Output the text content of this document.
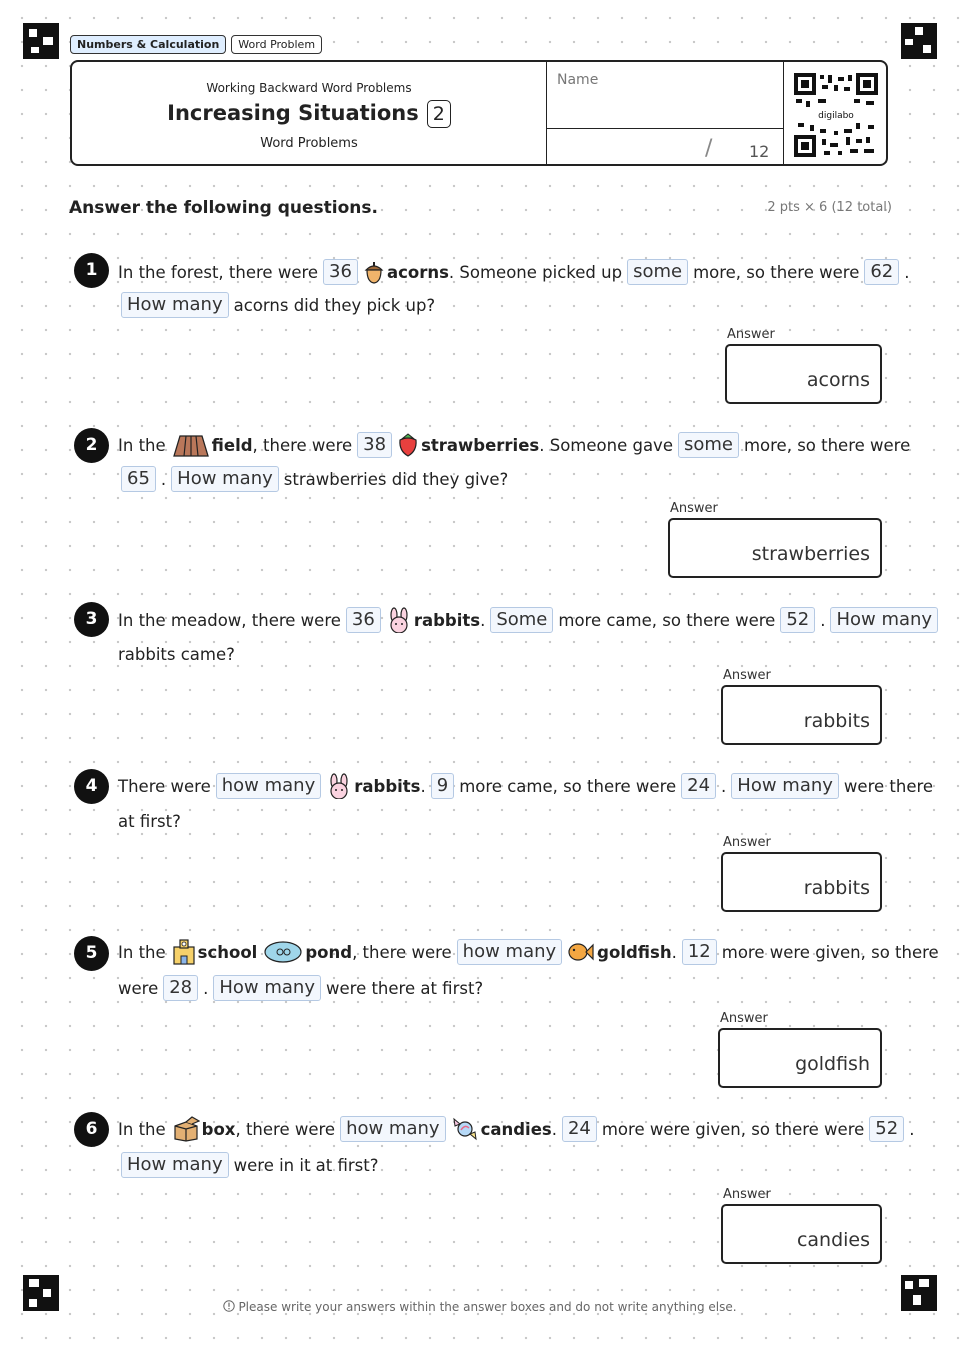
Numbers & Calculation	Word Problem
Working Backward Word Problems
Increasing Situations 2
Word Problems
Name
/ 12
digilabo
Answer the following questions.	2 pts × 6 (12 total)
1	In the forest, there were 36	acorns . Someone picked up some more, so there were 62 .
How many acorns did they pick up?
Answer
acorns
2	In the	field , there were 38	strawberries . Someone gave some more, so there were
65 . How many strawberries did they give?
Answer
strawberries
3	In the meadow, there were 36	rabbits . Some more came, so there were 52 . How many
rabbits came?
Answer
rabbits
4	There were how many	rabbits . 9 more came, so there were 24 . How many were there
at first?
Answer
rabbits
5	In the school	pond , there were how many	goldfish . 12 more were given, so there
were 28 . How many were there at first?
Answer
goldfish
6	In the box , there were how many	candies . 24 more were given, so there were 52 .
How many were in it at first?
Answer
candies
Please write your answers within the answer boxes and do not write anything else.
